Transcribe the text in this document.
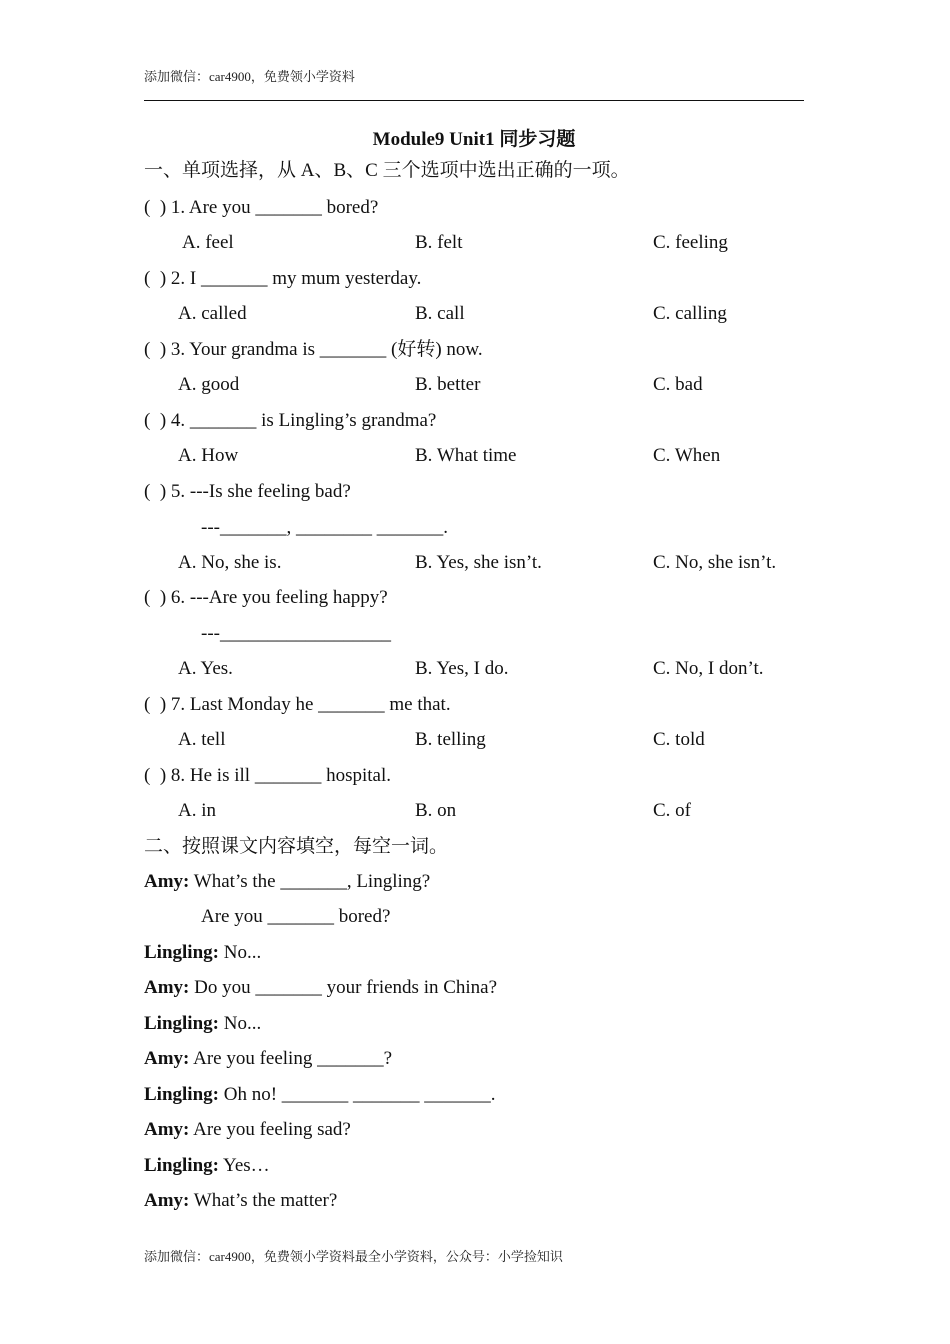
添加微信：car4900，免费领小学资料
Module9 Unit1 同步习题
一、单项选择，从 A、B、C 三个选项中选出正确的一项。
(  ) 1. Are you _______ bored?
A. feel	B. felt	C. feeling
(  ) 2. I _______ my mum yesterday.
A. called	B. call	C. calling
(  ) 3. Your grandma is _______ (好转) now.
A. good	B. better	C. bad
(  ) 4. _______ is Lingling’s grandma?
A. How	B. What time	C. When
(  ) 5. ---Is she feeling bad?
---_______, ________ _______.
A. No, she is.	B. Yes, she isn’t.	C. No, she isn’t.
(  ) 6. ---Are you feeling happy?
---__________________
A. Yes.	B. Yes, I do.	C. No, I don’t.
(  ) 7. Last Monday he _______ me that.
A. tell	B. telling	C. told
(  ) 8. He is ill _______ hospital.
A. in	B. on	C. of
二、按照课文内容填空，每空一词。
Amy: What’s the _______, Lingling?
Are you _______ bored?
Lingling: No...
Amy: Do you _______ your friends in China?
Lingling: No...
Amy: Are you feeling _______?
Lingling: Oh no! _______ _______ _______.
Amy: Are you feeling sad?
Lingling: Yes…
Amy: What’s the matter?
添加微信：car4900，免费领小学资料最全小学资料，公众号：小学捡知识
